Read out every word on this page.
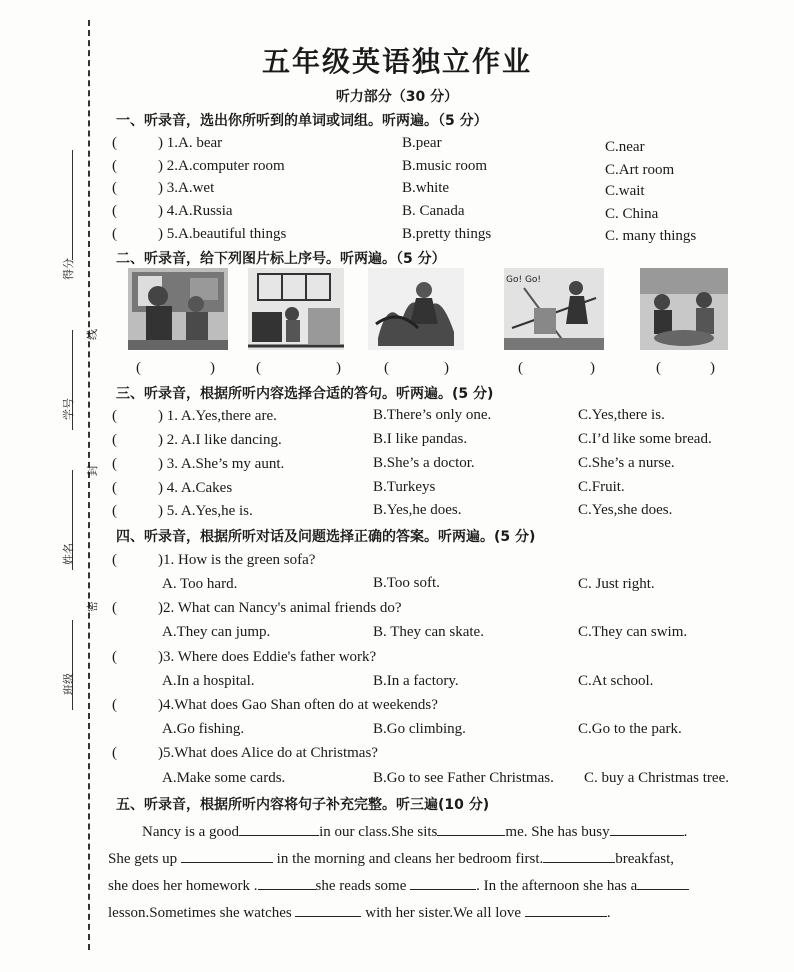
得分
线
学号
封
姓名
密
班级
五年级英语独立作业
听力部分（30 分）
一、听录音，选出你所听到的单词或词组。听两遍。（5 分）
(	) 1.A. bear	B.pear	C.near
(	) 2.A.computer room	B.music room	C.Art room
(	) 3.A.wet	B.white	C.wait
(	) 4.A.Russia	B. Canada	C. China
(	) 5.A.beautiful things	B.pretty things	C. many things
二、听录音，给下列图片标上序号。听两遍。（5 分）
Go! Go!
(	)	(	)	(	)	(	)	(	)
三、听录音，根据所听内容选择合适的答句。听两遍。(5 分)
(	) 1. A.Yes,there are.	B.There’s only one.	C.Yes,there is.
(	) 2. A.I like dancing.	B.I like pandas.	C.I’d like some bread.
(	) 3. A.She’s my aunt.	B.She’s a doctor.	C.She’s a nurse.
(	) 4. A.Cakes	B.Turkeys	C.Fruit.
(	) 5. A.Yes,he is.	B.Yes,he does.	C.Yes,she does.
四、听录音，根据所听对话及问题选择正确的答案。听两遍。(5 分)
(	)1. How is the green sofa?
A. Too hard.	B.Too soft.	C. Just right.
(	)2. What can Nancy's animal friends do?
A.They can jump.	B. They can skate.	C.They can swim.
(	)3. Where does Eddie's father work?
A.In a hospital.	B.In a factory.	C.At school.
(	)4.What does Gao Shan often do at weekends?
A.Go fishing.	B.Go climbing.	C.Go to the park.
(	)5.What does Alice do at Christmas?
A.Make some cards.	B.Go to see Father Christmas. C. buy a Christmas tree.
五、听录音，根据所听内容将句子补充完整。听三遍(10 分)
Nancy is a good	in our class.She sits	me. She has busy	.
She gets up	in the morning and cleans her bedroom first.	breakfast,
she does her homework .	she reads some	. In the afternoon she has a
lesson.Sometimes she watches	with her sister.We all love	.
